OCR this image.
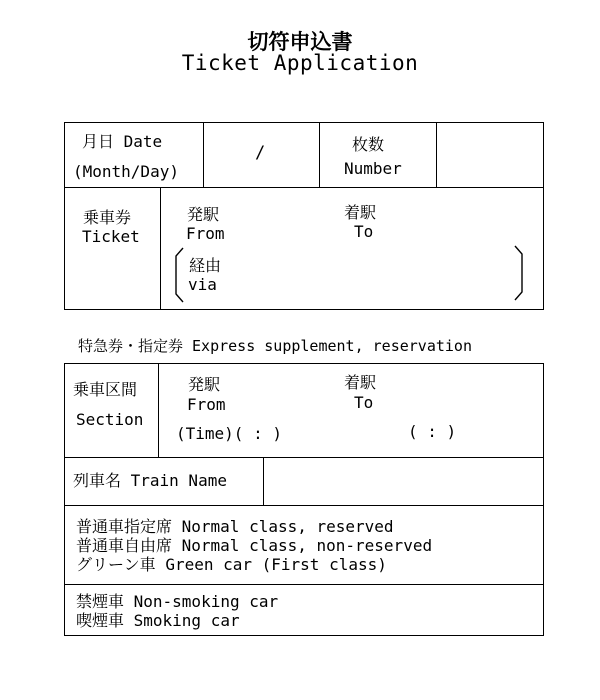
切符申込書
Ticket Application
月日 Date
(Month/Day)
/	枚数
Number
乗車券
Ticket
発駅
From
着駅
To
経由
via
特急券・指定券 Express supplement, reservation
乗車区間
Section
発駅
From
着駅
To
(Time)( : )	( : )
列車名 Train Name
普通車指定席 Normal class, reserved
普通車自由席 Normal class, non-reserved
グリーン車 Green car (First class)
禁煙車 Non-smoking car
喫煙車 Smoking car
